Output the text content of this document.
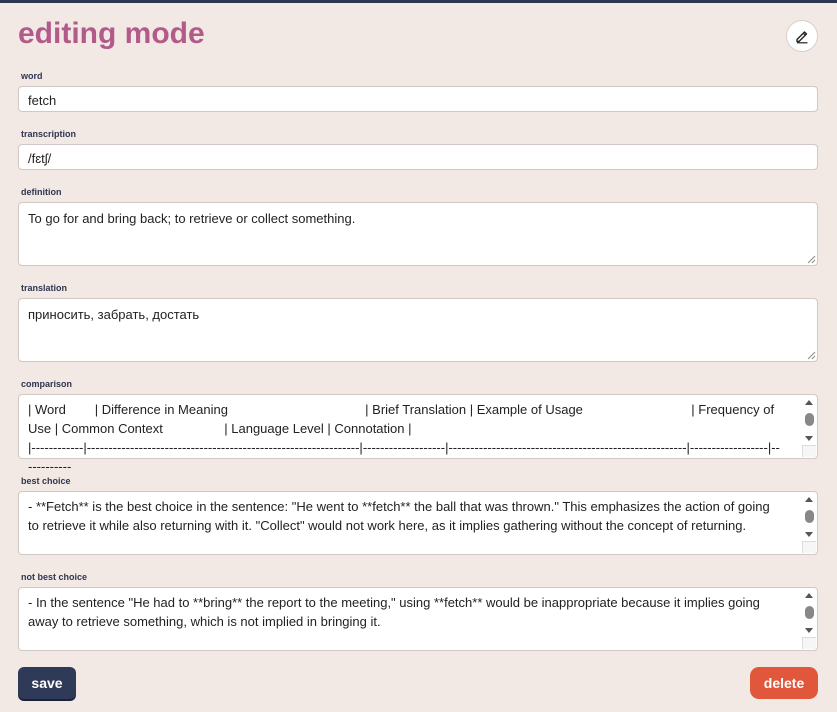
editing mode
word
fetch
transcription
/fɛtʃ/
definition
To go for and bring back; to retrieve or collect something.
translation
приносить, забрать, достать
comparison
| Word        | Difference in Meaning                                      | Brief Translation | Example of Usage                              | Frequency of Use | Common Context                 | Language Level | Connotation |
|------------|---------------------------------------------------------------|-------------------|-------------------------------------------------------|------------------|------------
best choice
- **Fetch** is the best choice in the sentence: "He went to **fetch** the ball that was thrown." This emphasizes the action of going to retrieve it while also returning with it. "Collect" would not work here, as it implies gathering without the concept of returning.
not best choice
- In the sentence "He had to **bring** the report to the meeting," using **fetch** would be inappropriate because it implies going away to retrieve something, which is not implied in bringing it.
save	delete
